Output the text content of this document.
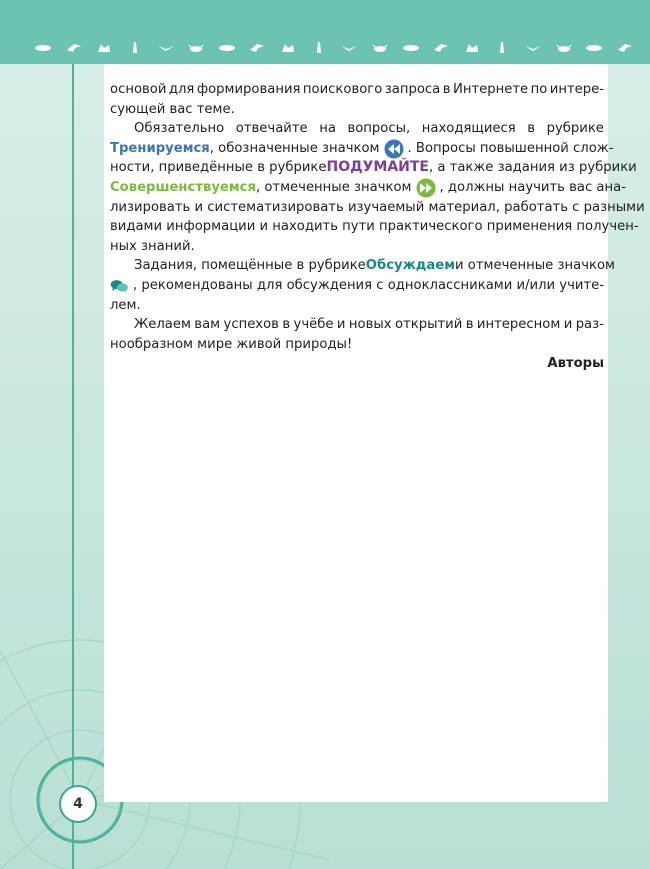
основой для формирования поискового запроса в Интернете по интере-
сующей вас теме.
Обязательно отвечайте на вопросы, находящиеся в рубрике
Тренируемся, обозначенные значком . Вопросы повышенной слож-
ности, приведённые в рубрике ПОДУМАЙТЕ , а также задания из рубрики
Совершенствуемся, отмеченные значком , должны научить вас ана-
лизировать и систематизировать изучаемый материал, работать с разными
видами информации и находить пути практического применения получен-
ных знаний.
Задания, помещённые в рубрике Обсуждаем и отмеченные значком
, рекомендованы для обсуждения с одноклассниками и/или учите-
лем.
Желаем вам успехов в учёбе и новых открытий в интересном и раз-
нообразном мире живой природы!
Авторы
4
